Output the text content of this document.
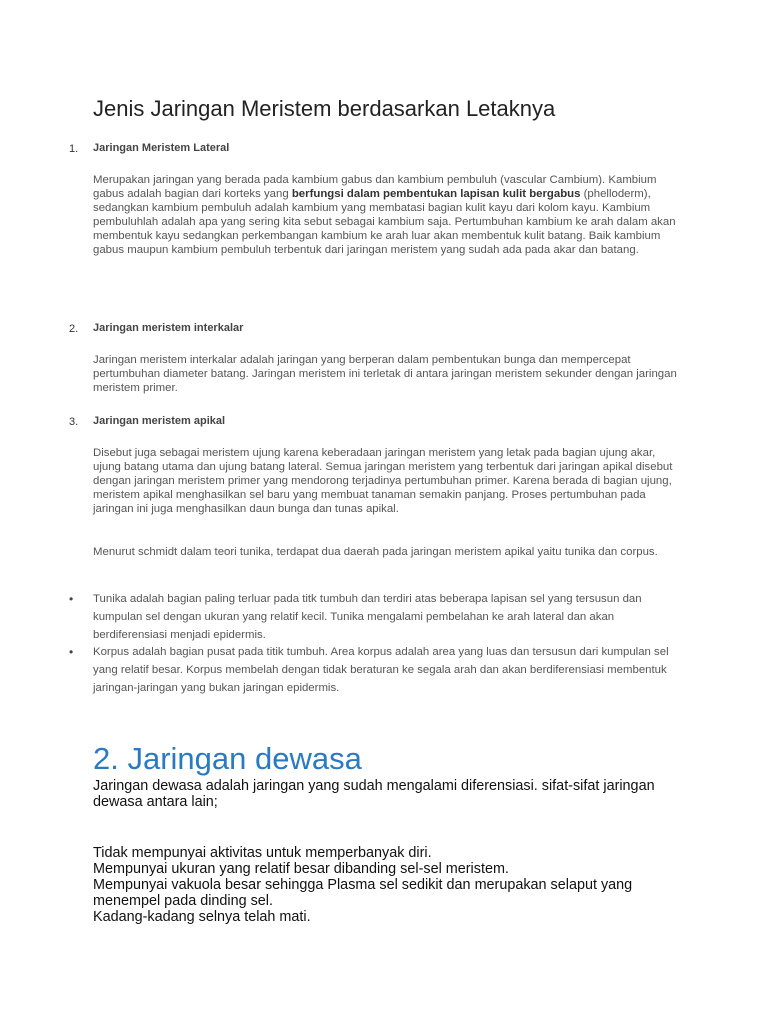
Jenis Jaringan Meristem berdasarkan Letaknya
1. Jaringan Meristem Lateral
Merupakan jaringan yang berada pada kambium gabus dan kambium pembuluh (vascular Cambium). Kambium gabus adalah bagian dari korteks yang berfungsi dalam pembentukan lapisan kulit bergabus (phelloderm), sedangkan kambium pembuluh adalah kambium yang membatasi bagian kulit kayu dari kolom kayu. Kambium pembuluhlah adalah apa yang sering kita sebut sebagai kambium saja. Pertumbuhan kambium ke arah dalam akan membentuk kayu sedangkan perkembangan kambium ke arah luar akan membentuk kulit batang. Baik kambium gabus maupun kambium pembuluh terbentuk dari jaringan meristem yang sudah ada pada akar dan batang.
2. Jaringan meristem interkalar
Jaringan meristem interkalar adalah jaringan yang berperan dalam pembentukan bunga dan mempercepat pertumbuhan diameter batang. Jaringan meristem ini terletak di antara jaringan meristem sekunder dengan jaringan meristem primer.
3. Jaringan meristem apikal
Disebut juga sebagai meristem ujung karena keberadaan jaringan meristem yang letak pada bagian ujung akar, ujung batang utama dan ujung batang lateral. Semua jaringan meristem yang terbentuk dari jaringan apikal disebut dengan jaringan meristem primer yang mendorong terjadinya pertumbuhan primer. Karena berada di bagian ujung, meristem apikal menghasilkan sel baru yang membuat tanaman semakin panjang. Proses pertumbuhan pada jaringan ini juga menghasilkan daun bunga dan tunas apikal.
Menurut schmidt dalam teori tunika, terdapat dua daerah pada jaringan meristem apikal yaitu tunika dan corpus.
• Tunika adalah bagian paling terluar pada titk tumbuh dan terdiri atas beberapa lapisan sel yang tersusun dan kumpulan sel dengan ukuran yang relatif kecil. Tunika mengalami pembelahan ke arah lateral dan akan berdiferensiasi menjadi epidermis.
• Korpus adalah bagian pusat pada titik tumbuh. Area korpus adalah area yang luas dan tersusun dari kumpulan sel yang relatif besar. Korpus membelah dengan tidak beraturan ke segala arah dan akan berdiferensiasi membentuk jaringan-jaringan yang bukan jaringan epidermis.
2. Jaringan dewasa
Jaringan dewasa adalah jaringan yang sudah mengalami diferensiasi. sifat-sifat jaringan dewasa antara lain;
Tidak mempunyai aktivitas untuk memperbanyak diri.
Mempunyai ukuran yang relatif besar dibanding sel-sel meristem.
Mempunyai vakuola besar sehingga Plasma sel sedikit dan merupakan selaput yang menempel pada dinding sel.
Kadang-kadang selnya telah mati.
